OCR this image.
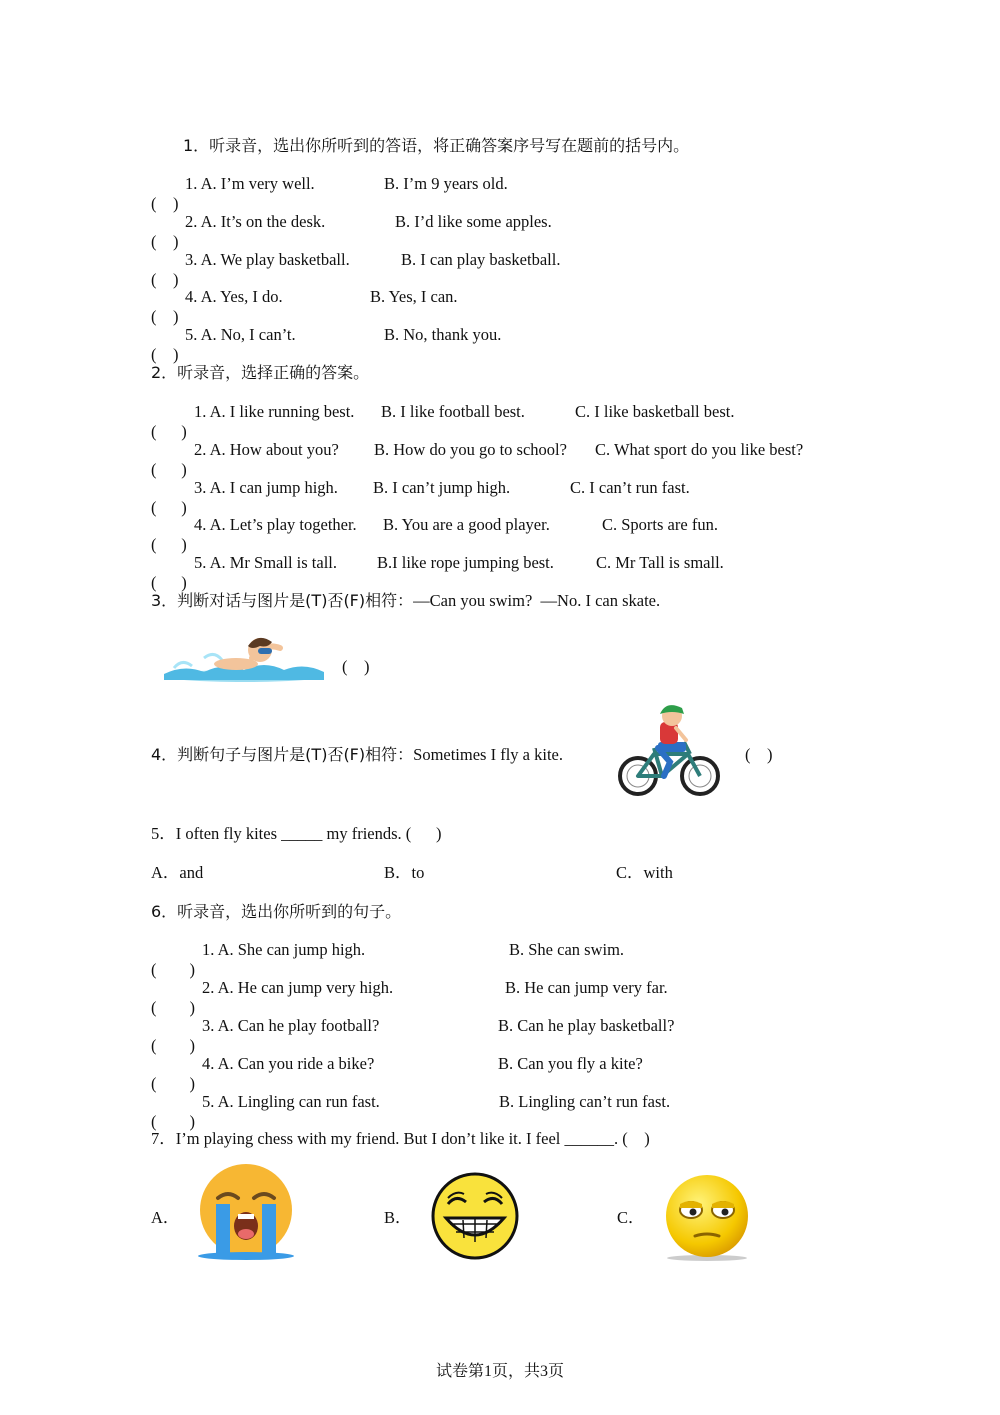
1．听录音，选出你所听到的答语，将正确答案序号写在题前的括号内。

(    )

1. A. I’m very well.

	B. I’m 9 years old.

(    )

2. A. It’s on the desk.

	B. I’d like some apples.

(    )

3. A. We play basketball.

	B. I can play basketball.

(    )

4. A. Yes, I do.

	B. Yes, I can.

(    )

5. A. No, I can’t.

	B. No, thank you.

2．听录音，选择正确的答案。

(      )

1. A. I like running best.

B. I like football best.

	C. I like basketball best.

(      )

2. A. How about you?

B. How do you go to school?

C. What sport do you like best?

(      )

3. A. I can jump high.

B. I can’t jump high.

	C. I can’t run fast.

(      )

4. A. Let’s play together.

B. You are a good player.

	C. Sports are fun.

(      )

5. A. Mr Small is tall.

B.I like rope jumping best.

	C. Mr Tall is small.

3．判断对话与图片是(T)否(F)相符：—Can you swim?  —No. I can skate.
(    )
4．判断句子与图片是(T)否(F)相符：Sometimes I fly a kite.	(    )
5．I often fly kites _____ my friends. (      )

A．and

	B．to

	C．with

6．听录音，选出你所听到的句子。

(        )

1. A. She can jump high.

	B. She can swim.

(        )

2. A. He can jump very high.

	B. He can jump very far.

(        )

3. A. Can he play football?

	B. Can he play basketball?

(        )

4. A. Can you ride a bike?

	B. Can you fly a kite?

(        )

5. A. Lingling can run fast.

	B. Lingling can’t run fast.

7．I’m playing chess with my friend. But I don’t like it. I feel ______. (    )
A．	B．	C．
试卷第1页，共3页
